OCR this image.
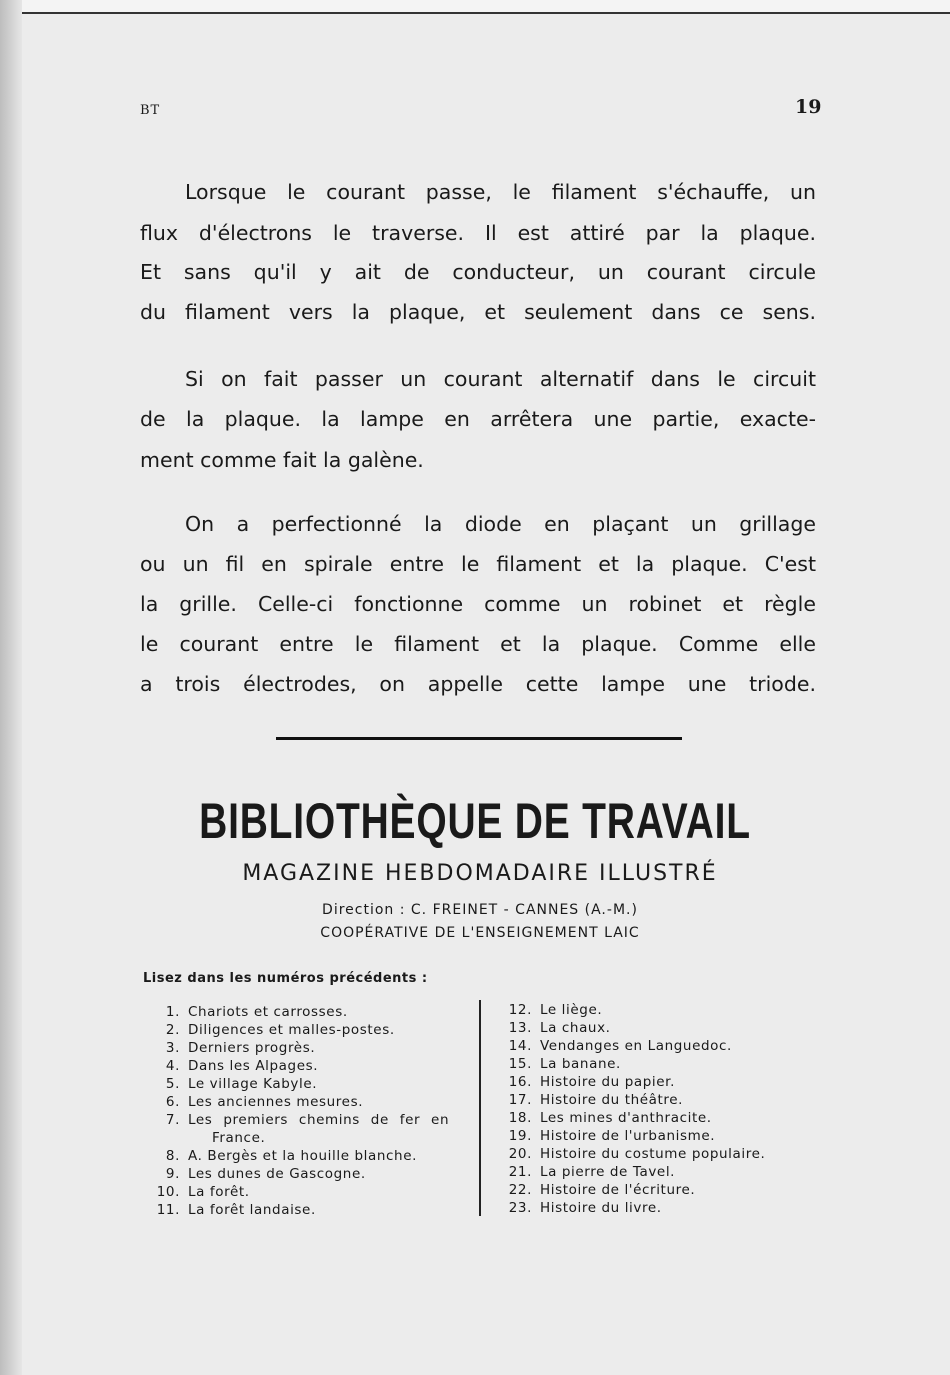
BT	19
Lorsque le courant passe, le filament s'échauffe, un
flux d'électrons le traverse. Il est attiré par la plaque.
Et sans qu'il y ait de conducteur, un courant circule
du filament vers la plaque, et seulement dans ce sens.
Si on fait passer un courant alternatif dans le circuit
de la plaque. la lampe en arrêtera une partie, exacte-
ment comme fait la galène.
On a perfectionné la diode en plaçant un grillage
ou un fil en spirale entre le filament et la plaque. C'est
la grille. Celle-ci fonctionne comme un robinet et règle
le courant entre le filament et la plaque. Comme elle
a trois électrodes, on appelle cette lampe une triode.
BIBLIOTHÈQUE DE TRAVAIL
MAGAZINE HEBDOMADAIRE ILLUSTRÉ
Direction : C. FREINET - CANNES (A.-M.)
COOPÉRATIVE DE L'ENSEIGNEMENT LAIC
Lisez dans les numéros précédents :
1. Chariots et carrosses.
2. Diligences et malles-postes.
3. Derniers progrès.
4. Dans les Alpages.
5. Le village Kabyle.
6. Les anciennes mesures.
7. Les premiers chemins de fer en
France.
8. A. Bergès et la houille blanche.
9. Les dunes de Gascogne.
10. La forêt.
11. La forêt landaise.
12. Le liège.
13. La chaux.
14. Vendanges en Languedoc.
15. La banane.
16. Histoire du papier.
17. Histoire du théâtre.
18. Les mines d'anthracite.
19. Histoire de l'urbanisme.
20. Histoire du costume populaire.
21. La pierre de Tavel.
22. Histoire de l'écriture.
23. Histoire du livre.
